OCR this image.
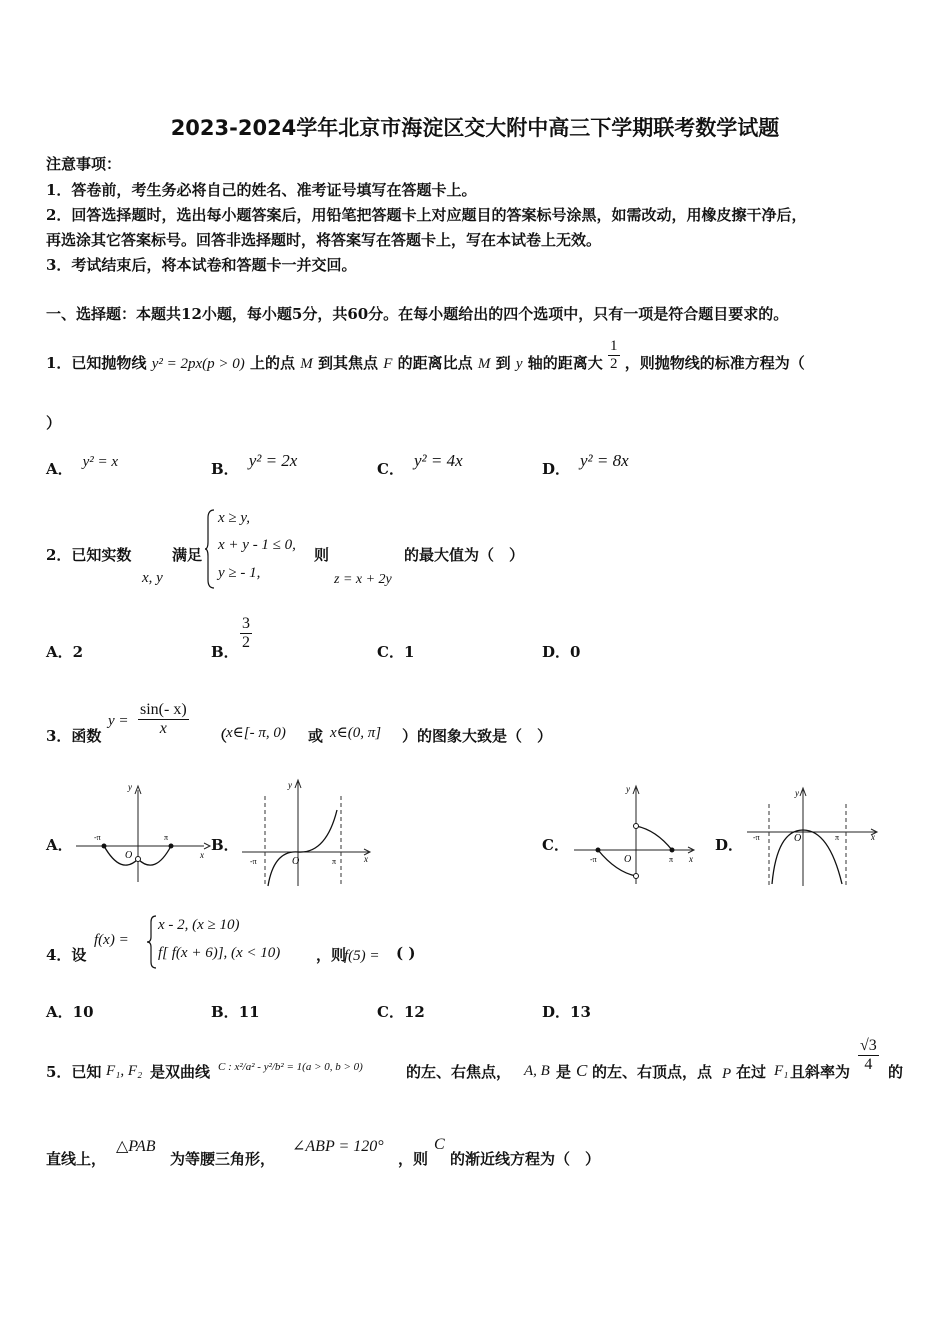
2023-2024学年北京市海淀区交大附中高三下学期联考数学试题
注意事项：
1．答卷前，考生务必将自己的姓名、准考证号填写在答题卡上。
2．回答选择题时，选出每小题答案后，用铅笔把答题卡上对应题目的答案标号涂黑，如需改动，用橡皮擦干净后，
再选涂其它答案标号。回答非选择题时，将答案写在答题卡上，写在本试卷上无效。
3．考试结束后，将本试卷和答题卡一并交回。
一、选择题：本题共12小题，每小题5分，共60分。在每小题给出的四个选项中，只有一项是符合题目要求的。
1．已知抛物线 y² = 2px(p > 0) 上的点 M 到其焦点 F 的距离比点 M 到 y 轴的距离大 $\frac{1}{2}$ ，则抛物线的标准方程为（
）
A． y² = x	B． y² = 2x	C． y² = 4x	D． y² = 8x
2．已知实数
x, y
满足
x ≥ y,
x + y - 1 ≤ 0,
y ≥ - 1,
则
z = x + 2y
的最大值为（　）
A．2	B．
$\frac{3}{2}$
C．1	D．0
3．函数
$y = \frac{\sin(- x)}{x}$ （
x∈[- π, 0) 或 x∈(0, π] ）的图象大致是（　）
A．	B．	C．	D．
x
y
O
-π	π
x
y
O
-π	π	x
y
O
-π	π
x
y
O
-π	π
4．设
f(x) =
x - 2, (x ≥ 10)
f[ f(x + 6)], (x < 10) ，则
f(5) = ( )
A．10	B．11	C．12	D．13
5．已知 F₁, F₂ 是双曲线 C : x²/a² - y²/b² = 1(a > 0, b > 0)	的左、右焦点， A, B 是 C 的左、右顶点，点 P 在过 F₁ 且斜率为 $\frac{√3}{4}$ 的
直线上，
△PAB
为等腰三角形，
∠ABP = 120°
，则
C
的渐近线方程为（　）
